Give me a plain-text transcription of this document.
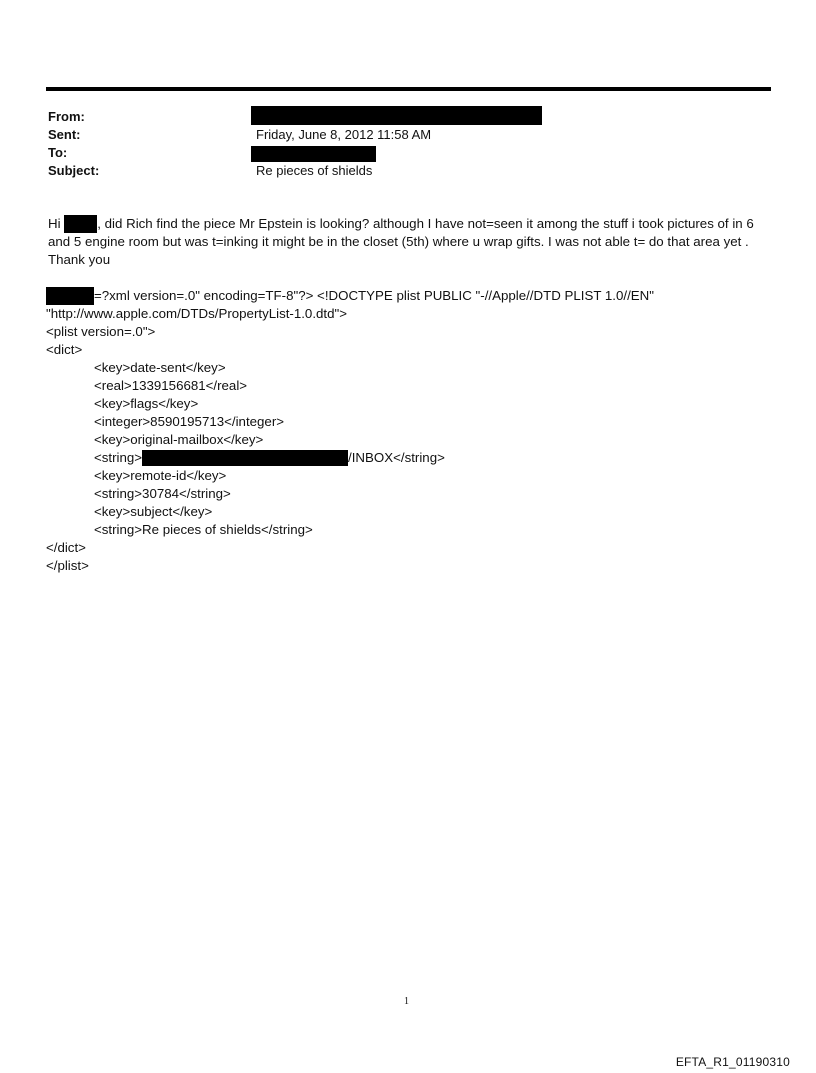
From:
Sent:	Friday, June 8, 2012 11:58 AM
To:
Subject:	Re pieces of shields
Hi , did Rich find the piece Mr Epstein is looking? although I have not=seen it among the stuff i took pictures of in 6
and 5 engine room but was t=inking it might be in the closet (5th) where u wrap gifts. I was not able t= do that area yet .
Thank you
=?xml version=.0" encoding=TF-8"?> <!DOCTYPE plist PUBLIC "-//Apple//DTD PLIST 1.0//EN"
"http://www.apple.com/DTDs/PropertyList-1.0.dtd">
<plist version=.0">
<dict>
<key>date-sent</key>
<real>1339156681</real>
<key>flags</key>
<integer>8590195713</integer>
<key>original-mailbox</key>
<string>	/INBOX</string>
<key>remote-id</key>
<string>30784</string>
<key>subject</key>
<string>Re pieces of shields</string>
</dict>
</plist>
1
EFTA_R1_01190310
